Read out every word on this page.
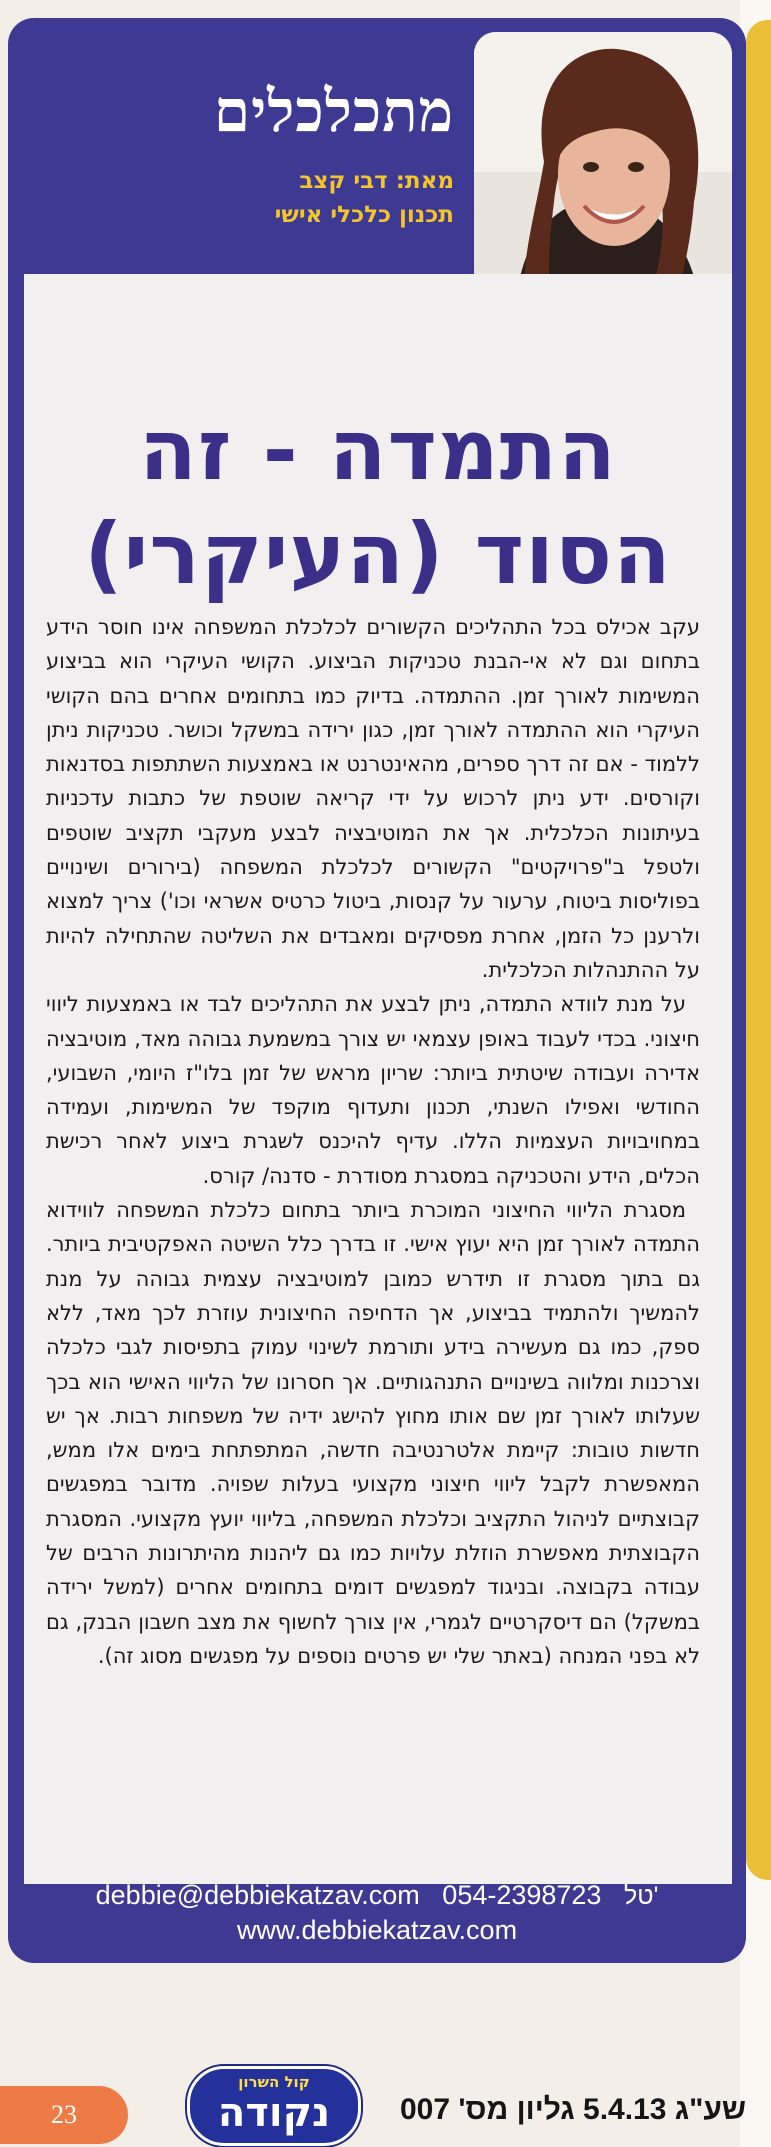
מתכלכלים
מאת: דבי קצב
תכנון כלכלי אישי
התמדה - זה
הסוד (העיקרי)

עקב אכילס בכל התהליכים הקשורים לכלכלת המשפחה אינו חוסר הידע בתחום וגם לא אי-הבנת טכניקות הביצוע. הקושי העיקרי הוא בביצוע המשימות לאורך זמן. ההתמדה. בדיוק כמו בתחומים אחרים בהם הקושי העיקרי הוא ההתמדה לאורך זמן, כגון ירידה במשקל וכושר. טכניקות ניתן ללמוד - אם זה דרך ספרים, מהאינטרנט או באמצעות השתתפות בסדנאות וקורסים. ידע ניתן לרכוש על ידי קריאה שוטפת של כתבות עדכניות בעיתונות הכלכלית. אך את המוטיבציה לבצע מעקבי תקציב שוטפים ולטפל ב"פרויקטים" הקשורים לכלכלת המשפחה (בירורים ושינויים בפוליסות ביטוח, ערעור על קנסות, ביטול כרטיס אשראי וכו') צריך למצוא ולרענן כל הזמן, אחרת מפסיקים ומאבדים את השליטה שהתחילה להיות על ההתנהלות הכלכלית.

על מנת לוודא התמדה, ניתן לבצע את התהליכים לבד או באמצעות ליווי חיצוני. בכדי לעבוד באופן עצמאי יש צורך במשמעת גבוהה מאד, מוטיבציה אדירה ועבודה שיטתית ביותר: שריון מראש של זמן בלו"ז היומי, השבועי, החודשי ואפילו השנתי, תכנון ותעדוף מוקפד של המשימות, ועמידה במחויבויות העצמיות הללו. עדיף להיכנס לשגרת ביצוע לאחר רכישת הכלים, הידע והטכניקה במסגרת מסודרת - סדנה/ קורס.

מסגרת הליווי החיצוני המוכרת ביותר בתחום כלכלת המשפחה לווידוא התמדה לאורך זמן היא יעוץ אישי. זו בדרך כלל השיטה האפקטיבית ביותר. גם בתוך מסגרת זו תידרש כמובן למוטיבציה עצמית גבוהה על מנת להמשיך ולהתמיד בביצוע, אך הדחיפה החיצונית עוזרת לכך מאד, ללא ספק, כמו גם מעשירה בידע ותורמת לשינוי עמוק בתפיסות לגבי כלכלה וצרכנות ומלווה בשינויים התנהגותיים. אך חסרונו של הליווי האישי הוא בכך שעלותו לאורך זמן שם אותו מחוץ להישג ידיה של משפחות רבות. אך יש חדשות טובות: קיימת אלטרנטיבה חדשה, המתפתחת בימים אלו ממש, המאפשרת לקבל ליווי חיצוני מקצועי בעלות שפויה. מדובר במפגשים קבוצתיים לניהול התקציב וכלכלת המשפחה, בליווי יועץ מקצועי. המסגרת הקבוצתית מאפשרת הוזלת עלויות כמו גם ליהנות מהיתרונות הרבים של עבודה בקבוצה. ובניגוד למפגשים דומים בתחומים אחרים (למשל ירידה במשקל) הם דיסקרטיים לגמרי, אין צורך לחשוף את מצב חשבון הבנק, גם לא בפני המנחה (באתר שלי יש פרטים נוספים על מפגשים מסוג זה).

debbie@debbiekatzav.com 054-2398723 טל'
www.debbiekatzav.com
23
קול השרון
נקודה	שע"ג 5.4.13 גליון מס' 007
